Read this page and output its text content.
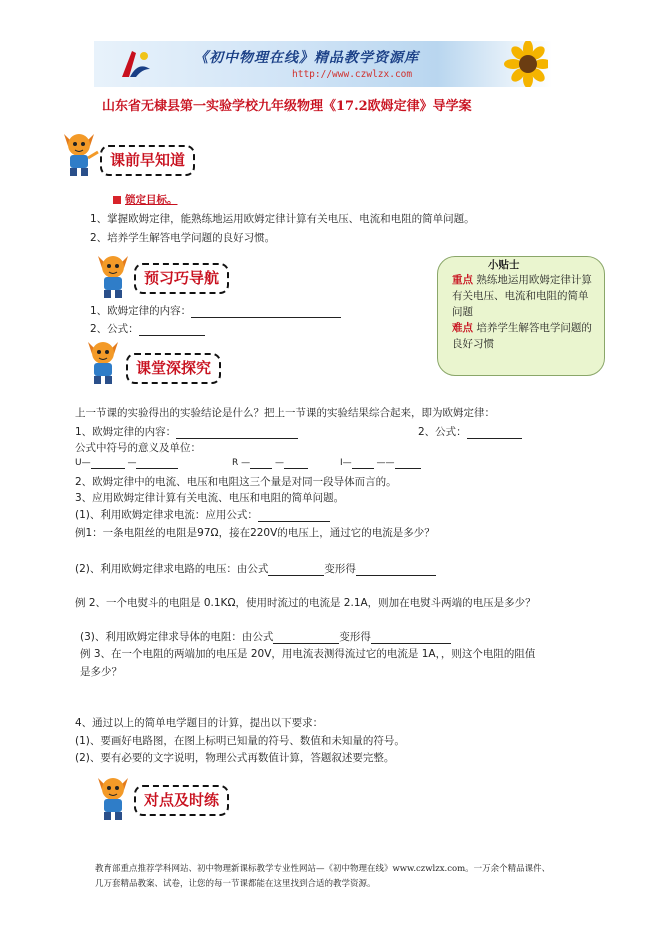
《初中物理在线》精品教学资源库
http://www.czwlzx.com
山东省无棣县第一实验学校九年级物理《17.2欧姆定律》导学案
课前早知道
锁定目标。
1、掌握欧姆定律，能熟练地运用欧姆定律计算有关电压、电流和电阻的简单问题。
2、培养学生解答电学问题的良好习惯。
预习巧导航
1、欧姆定律的内容：
2、公式：
小贴士
重点 熟练地运用欧姆定律计算有关电压、电流和电阻的简单问题
难点 培养学生解答电学问题的良好习惯
课堂深探究
上一节课的实验得出的实验结论是什么？把上一节课的实验结果综合起来，即为欧姆定律：
1、欧姆定律的内容：	2、公式：
公式中符号的意义及单位：
U—	—	R —	—	I—	——
2、欧姆定律中的电流、电压和电阻这三个量是对同一段导体而言的。
3、应用欧姆定律计算有关电流、电压和电阻的简单问题。
(1)、利用欧姆定律求电流：应用公式：
例1：一条电阻丝的电阻是97Ω，接在220V的电压上，通过它的电流是多少？
(2)、利用欧姆定律求电路的电压：由公式	变形得
例 2、一个电熨斗的电阻是 0.1KΩ，使用时流过的电流是 2.1A，则加在电熨斗两端的电压是多少？
(3)、利用欧姆定律求导体的电阻：由公式	变形得
例 3、在一个电阻的两端加的电压是 20V，用电流表测得流过它的电流是 1A，，则这个电阻的阻值
是多少？
4、通过以上的简单电学题目的计算，提出以下要求：
(1)、要画好电路图，在图上标明已知量的符号、数值和未知量的符号。
(2)、要有必要的文字说明，物理公式再数值计算，答题叙述要完整。
对点及时练
教育部重点推荐学科网站、初中物理新课标教学专业性网站—《初中物理在线》www.czwlzx.com。一万余个精品课件、
几万套精品教案、试卷，让您的每一节课都能在这里找到合适的教学资源。
